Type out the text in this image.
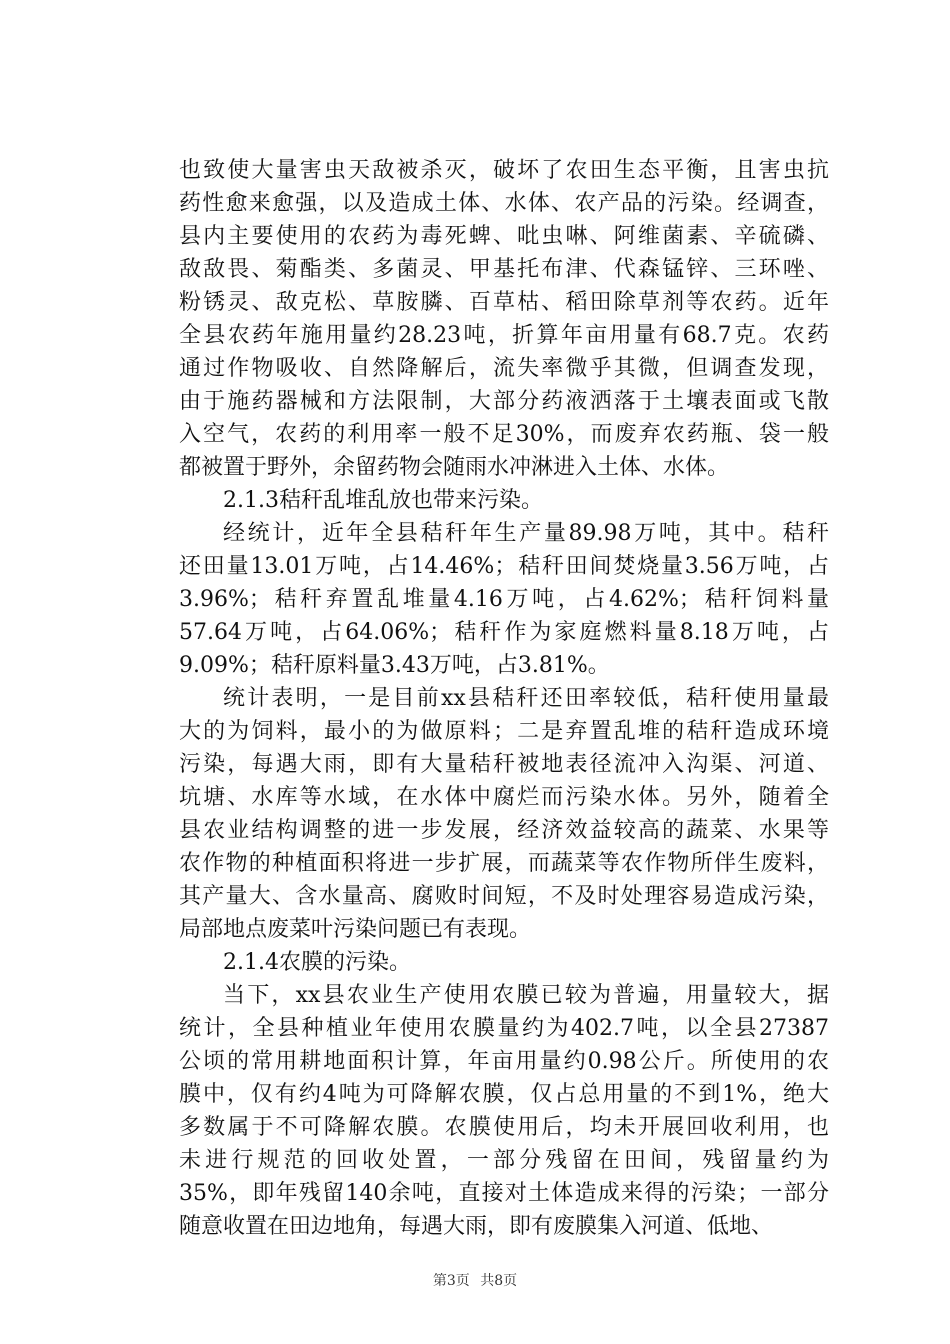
也致使大量害虫天敌被杀灭，破坏了农田生态平衡，且害虫抗
药性愈来愈强，以及造成土体、水体、农产品的污染。经调查，
县内主要使用的农药为毒死蜱、吡虫啉、阿维菌素、辛硫磷、
敌敌畏、菊酯类、多菌灵、甲基托布津、代森锰锌、三环唑、
粉锈灵、敌克松、草胺膦、百草枯、稻田除草剂等农药。近年
全县农药年施用量约28.23吨，折算年亩用量有68.7克。农药
通过作物吸收、自然降解后，流失率微乎其微，但调查发现，
由于施药器械和方法限制，大部分药液洒落于土壤表面或飞散
入空气，农药的利用率一般不足30%，而废弃农药瓶、袋一般
都被置于野外，余留药物会随雨水冲淋进入土体、水体。
2.1.3秸秆乱堆乱放也带来污染。
经统计，近年全县秸秆年生产量89.98万吨，其中。秸秆
还田量13.01万吨，占14.46%；秸秆田间焚烧量3.56万吨，占
3.96%；秸秆弃置乱堆量4.16万吨，占4.62%；秸秆饲料量
57.64万吨，占64.06%；秸秆作为家庭燃料量8.18万吨，占
9.09%；秸秆原料量3.43万吨，占3.81%。
统计表明，一是目前xx县秸秆还田率较低，秸秆使用量最
大的为饲料，最小的为做原料；二是弃置乱堆的秸秆造成环境
污染，每遇大雨，即有大量秸秆被地表径流冲入沟渠、河道、
坑塘、水库等水域，在水体中腐烂而污染水体。另外，随着全
县农业结构调整的进一步发展，经济效益较高的蔬菜、水果等
农作物的种植面积将进一步扩展，而蔬菜等农作物所伴生废料，
其产量大、含水量高、腐败时间短，不及时处理容易造成污染，
局部地点废菜叶污染问题已有表现。
2.1.4农膜的污染。
当下，xx县农业生产使用农膜已较为普遍，用量较大，据
统计，全县种植业年使用农膜量约为402.7吨，以全县27387
公顷的常用耕地面积计算，年亩用量约0.98公斤。所使用的农
膜中，仅有约4吨为可降解农膜，仅占总用量的不到1%，绝大
多数属于不可降解农膜。农膜使用后，均未开展回收利用，也
未进行规范的回收处置，一部分残留在田间，残留量约为
35%，即年残留140余吨，直接对土体造成来得的污染；一部分
随意收置在田边地角，每遇大雨，即有废膜集入河道、低地、
第3页 共8页
